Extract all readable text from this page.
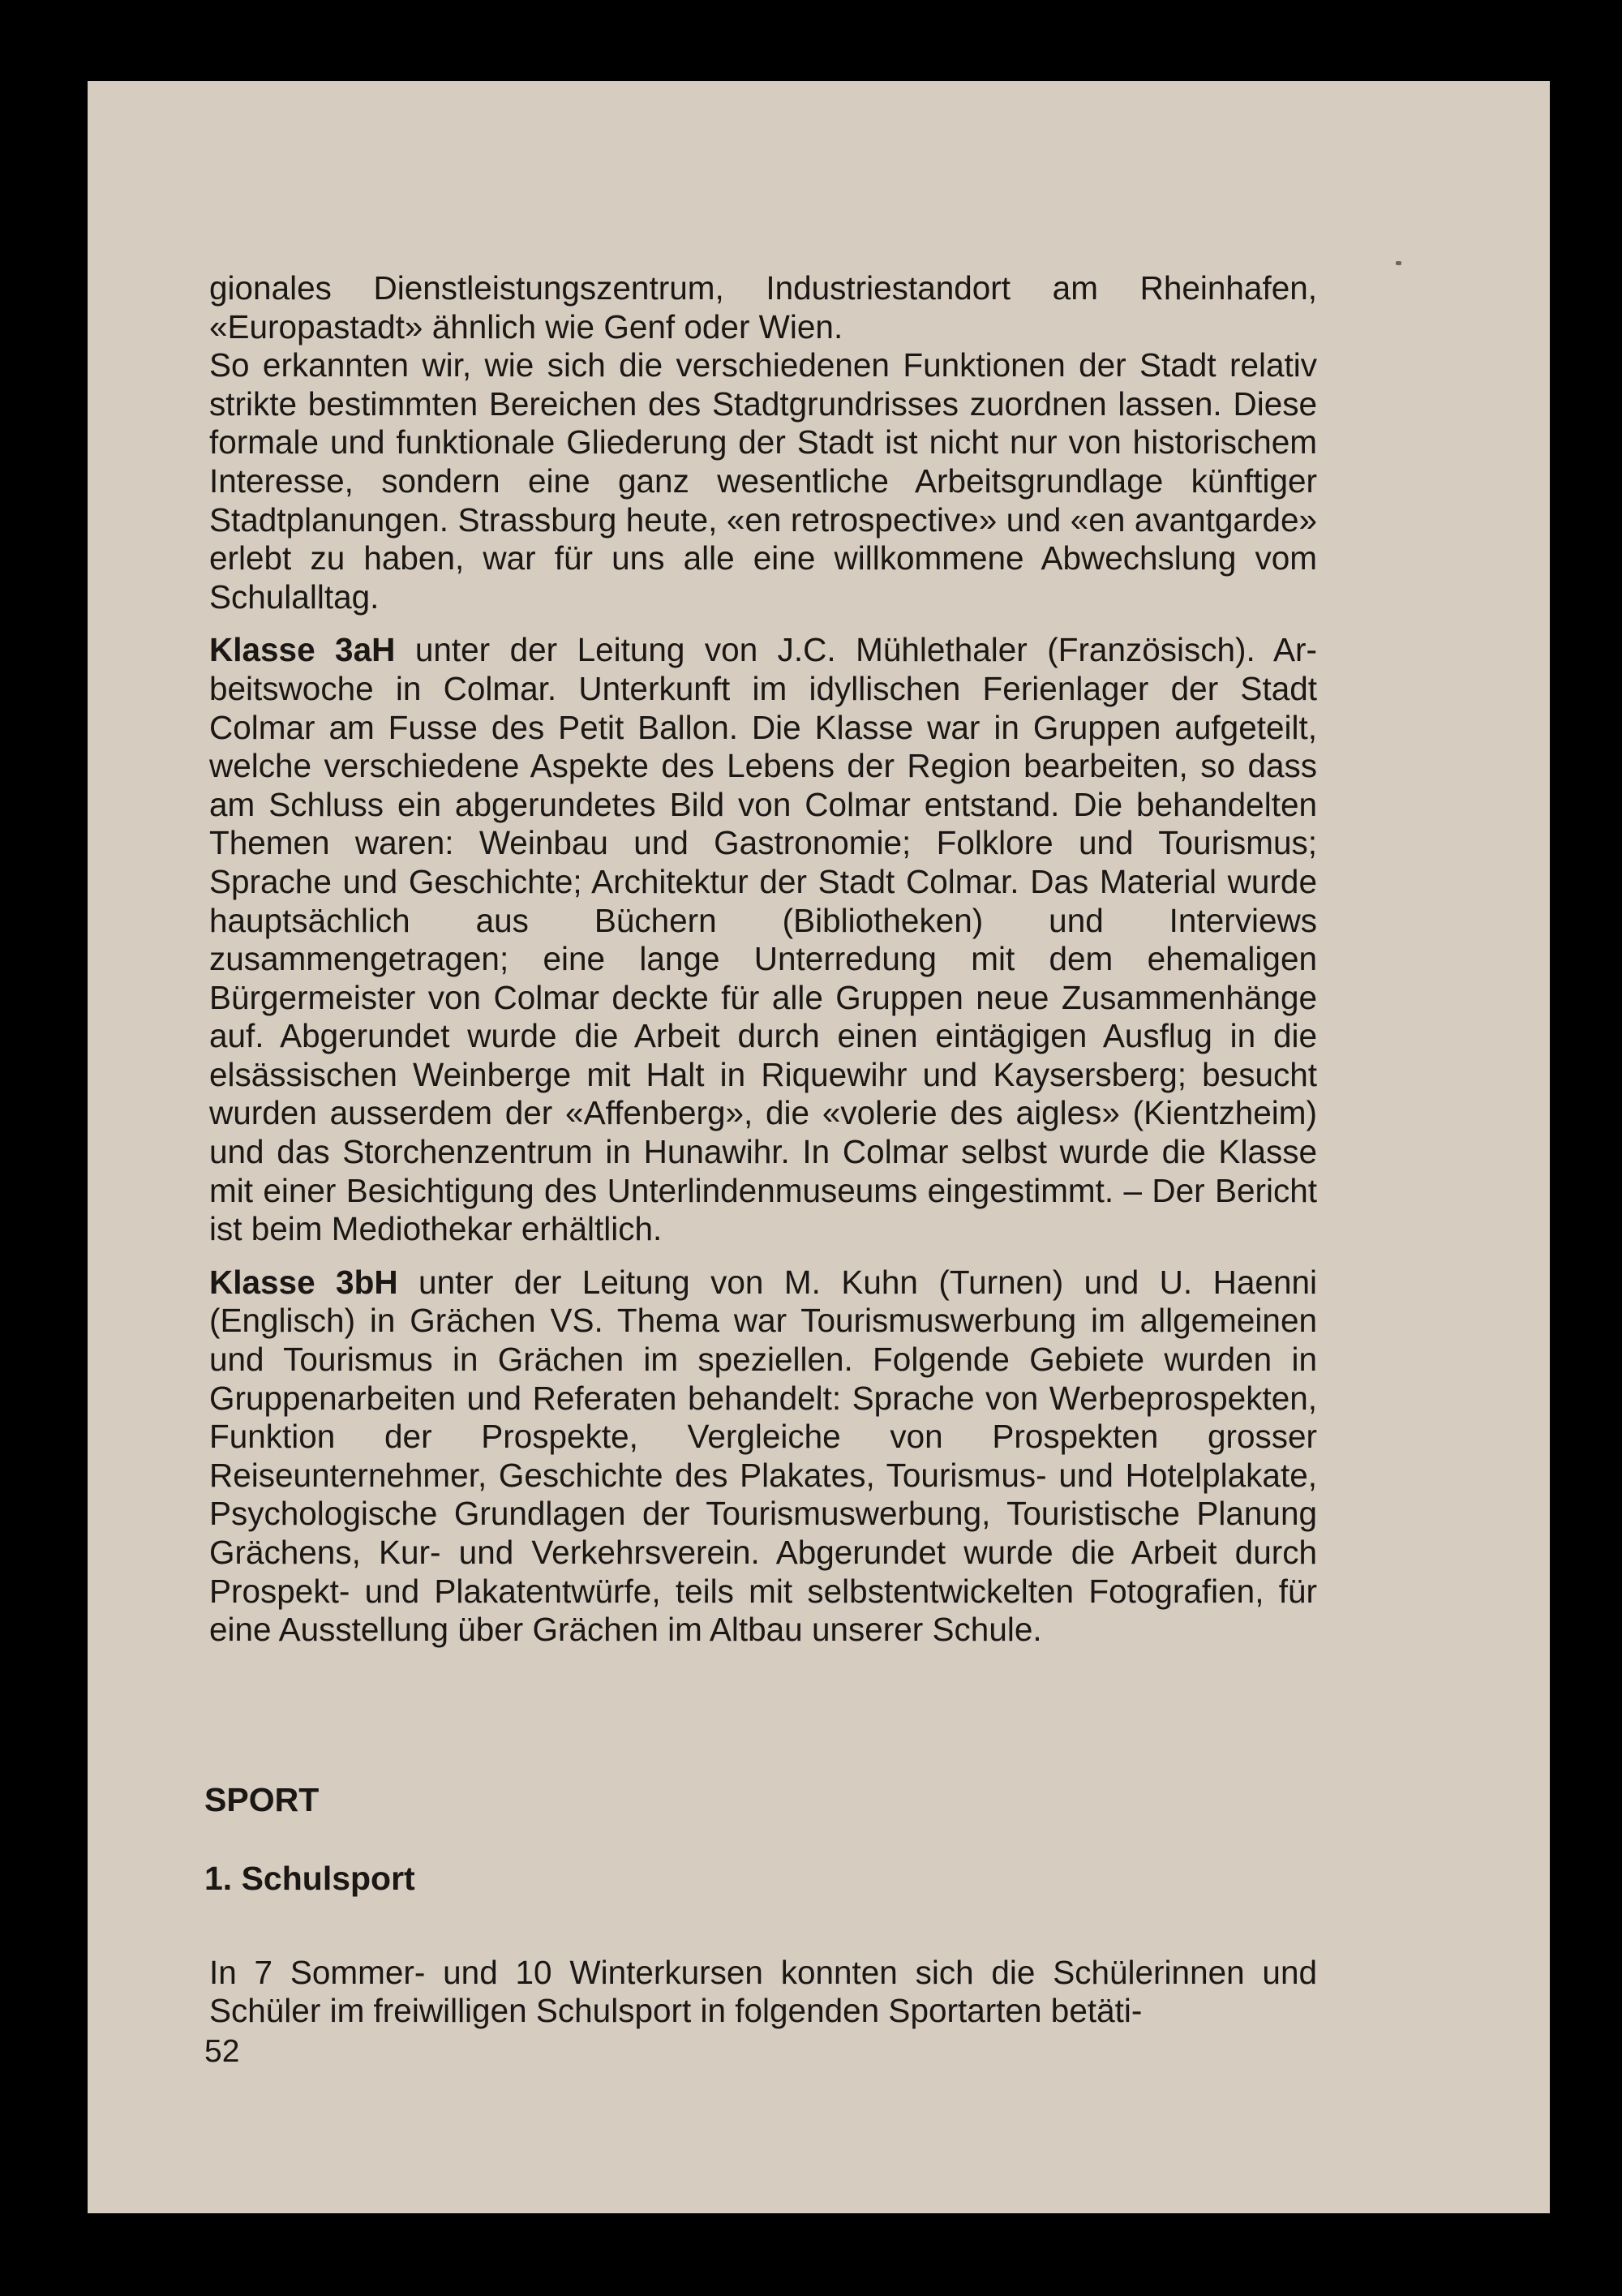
gionales Dienstleistungszentrum, Industriestandort am Rheinhafen, «Europastadt» ähnlich wie Genf oder Wien.

So erkannten wir, wie sich die verschiedenen Funktionen der Stadt relativ strikte bestimmten Bereichen des Stadtgrundrisses zuordnen lassen. Diese formale und funktionale Gliederung der Stadt ist nicht nur von historischem Interesse, sondern eine ganz wesentliche Arbeitsgrundlage künftiger Stadtplanungen. Strassburg heute, «en retrospective» und «en avantgarde» erlebt zu haben, war für uns alle eine willkommene Abwechslung vom Schulalltag.

Klasse 3aH unter der Leitung von J.C. Mühlethaler (Französisch). Arbeitswoche in Colmar. Unterkunft im idyllischen Ferienlager der Stadt Colmar am Fusse des Petit Ballon. Die Klasse war in Gruppen aufgeteilt, welche verschiedene Aspekte des Lebens der Region bearbeiten, so dass am Schluss ein abgerundetes Bild von Colmar entstand. Die behandelten Themen waren: Weinbau und Gastronomie; Folklore und Tourismus; Sprache und Geschichte; Architektur der Stadt Colmar. Das Material wurde hauptsächlich aus Büchern (Bibliotheken) und Interviews zusammengetragen; eine lange Unterredung mit dem ehemaligen Bürgermeister von Colmar deckte für alle Gruppen neue Zusammenhänge auf. Abgerundet wurde die Arbeit durch einen eintägigen Ausflug in die elsässischen Weinberge mit Halt in Riquewihr und Kaysersberg; besucht wurden ausserdem der «Affenberg», die «volerie des aigles» (Kientzheim) und das Storchenzentrum in Hunawihr. In Colmar selbst wurde die Klasse mit einer Besichtigung des Unterlindenmuseums eingestimmt. – Der Bericht ist beim Mediothekar erhältlich.

Klasse 3bH unter der Leitung von M. Kuhn (Turnen) und U. Haenni (Englisch) in Grächen VS. Thema war Tourismuswerbung im allgemeinen und Tourismus in Grächen im speziellen. Folgende Gebiete wurden in Gruppenarbeiten und Referaten behandelt: Sprache von Werbeprospekten, Funktion der Prospekte, Vergleiche von Prospekten grosser Reiseunternehmer, Geschichte des Plakates, Tourismus- und Hotelplakate, Psychologische Grundlagen der Tourismuswerbung, Touristische Planung Grächens, Kur- und Verkehrsverein. Abgerundet wurde die Arbeit durch Prospekt- und Plakatentwürfe, teils mit selbstentwickelten Fotografien, für eine Ausstellung über Grächen im Altbau unserer Schule.

SPORT
1. Schulsport

In 7 Sommer- und 10 Winterkursen konnten sich die Schülerinnen und Schüler im freiwilligen Schulsport in folgenden Sportarten betäti-

52
